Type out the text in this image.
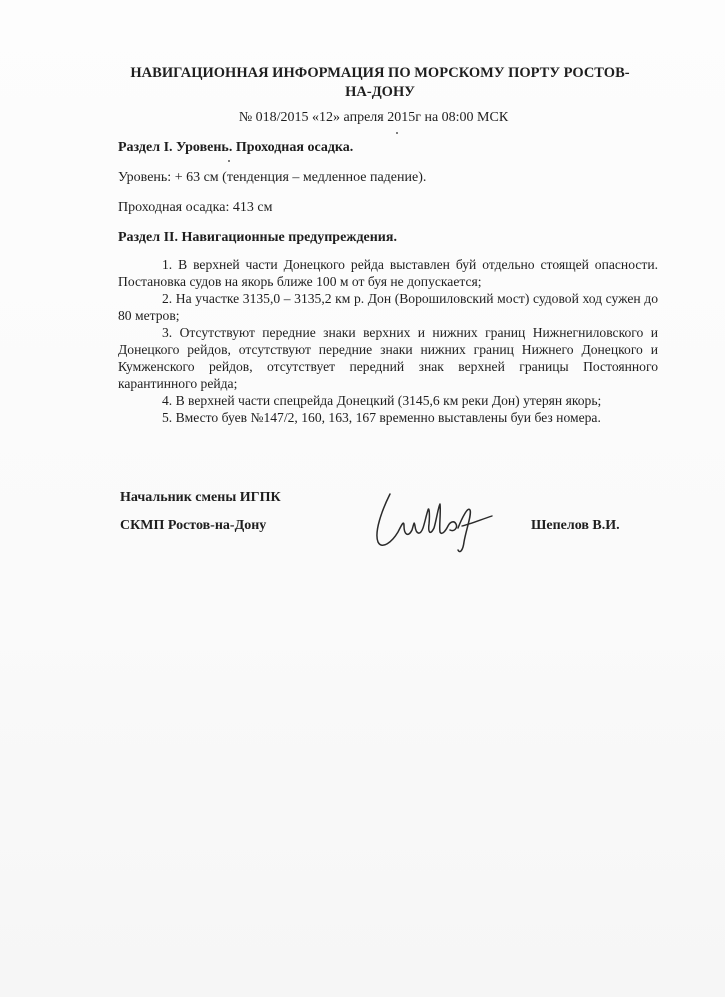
НАВИГАЦИОННАЯ ИНФОРМАЦИЯ ПО МОРСКОМУ ПОРТУ РОСТОВ-НА-ДОНУ
№ 018/2015 «12» апреля 2015г на 08:00 МСК
Раздел I. Уровень. Проходная осадка.
Уровень: + 63 см (тенденция – медленное падение).
Проходная осадка: 413 см
Раздел II. Навигационные предупреждения.
1. В верхней части Донецкого рейда выставлен буй отдельно стоящей опасности. Постановка судов на якорь ближе 100 м от буя не допускается;
2. На участке 3135,0 – 3135,2 км р. Дон (Ворошиловский мост) судовой ход сужен до 80 метров;
3. Отсутствуют передние знаки верхних и нижних границ Нижнегниловского и Донецкого рейдов, отсутствуют передние знаки нижних границ Нижнего Донецкого и Кумженского рейдов, отсутствует передний знак верхней границы Постоянного карантинного рейда;
4. В верхней части спецрейда Донецкий (3145,6 км реки Дон) утерян якорь;
5. Вместо буев №147/2, 160, 163, 167 временно выставлены буи без номера.
Начальник смены ИГПК
СКМП Ростов-на-Дону	Шепелов В.И.
